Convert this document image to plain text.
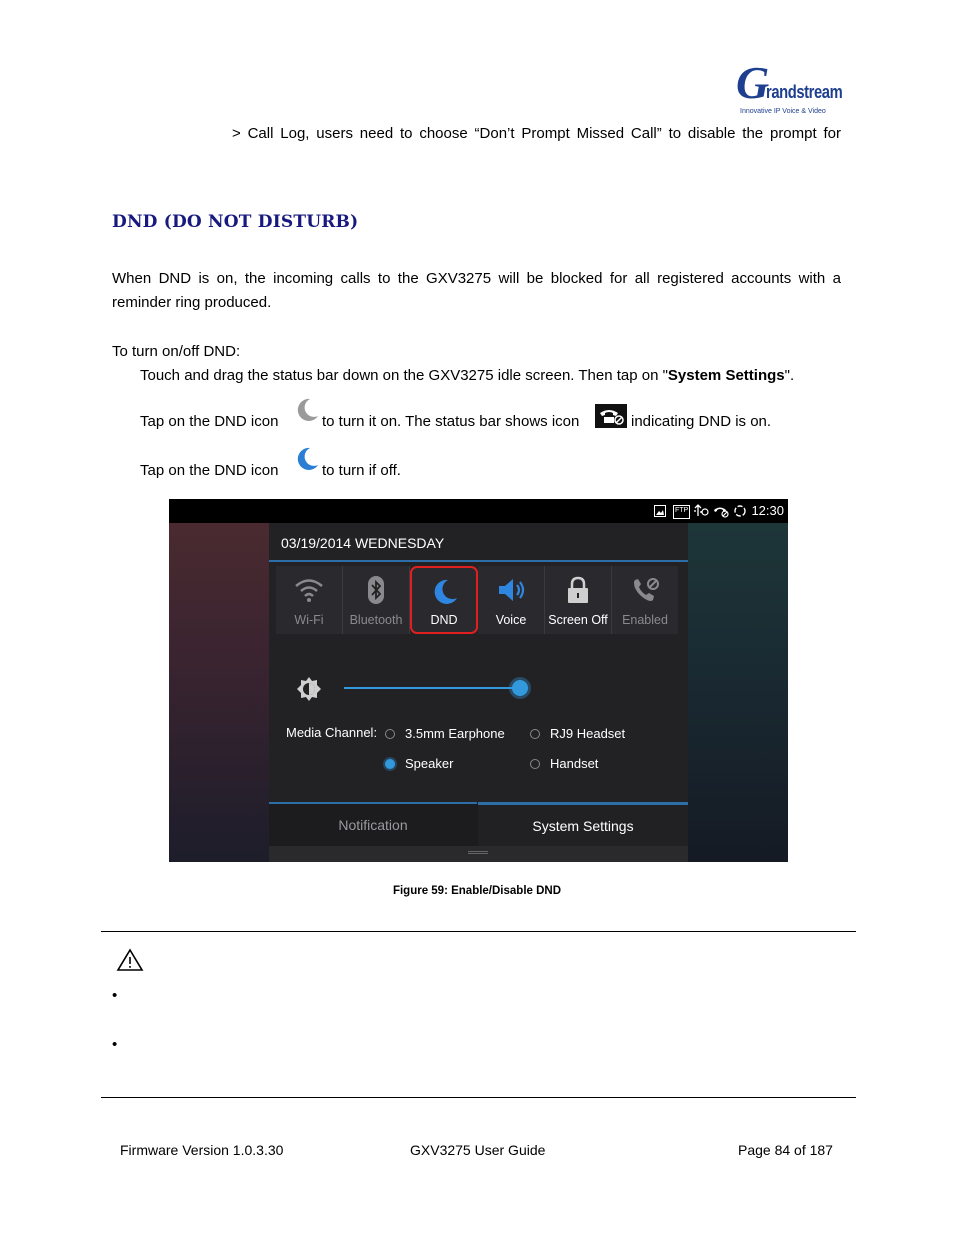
G
randstream
Innovative IP Voice & Video
> Call Log, users need to choose “Don’t Prompt Missed Call” to disable the prompt for
DND (DO NOT DISTURB)
When DND is on, the incoming calls to the GXV3275 will be blocked for all registered accounts with a
reminder ring produced.
To turn on/off DND:
Touch and drag the status bar down on the GXV3275 idle screen. Then tap on "System Settings".
Tap on the DND icon	to turn it on. The status bar shows icon	indicating DND is on.
Tap on the DND icon	to turn if off.
FTP	12:30
03/19/2014 WEDNESDAY
Wi-Fi	Bluetooth	DND	Voice	Screen Off	Enabled
Media Channel: 3.5mm Earphone	RJ9 Headset
Speaker	Handset
Notification	System Settings
Figure 59: Enable/Disable DND
•
•
Firmware Version 1.0.3.30	GXV3275 User Guide	Page 84 of 187
